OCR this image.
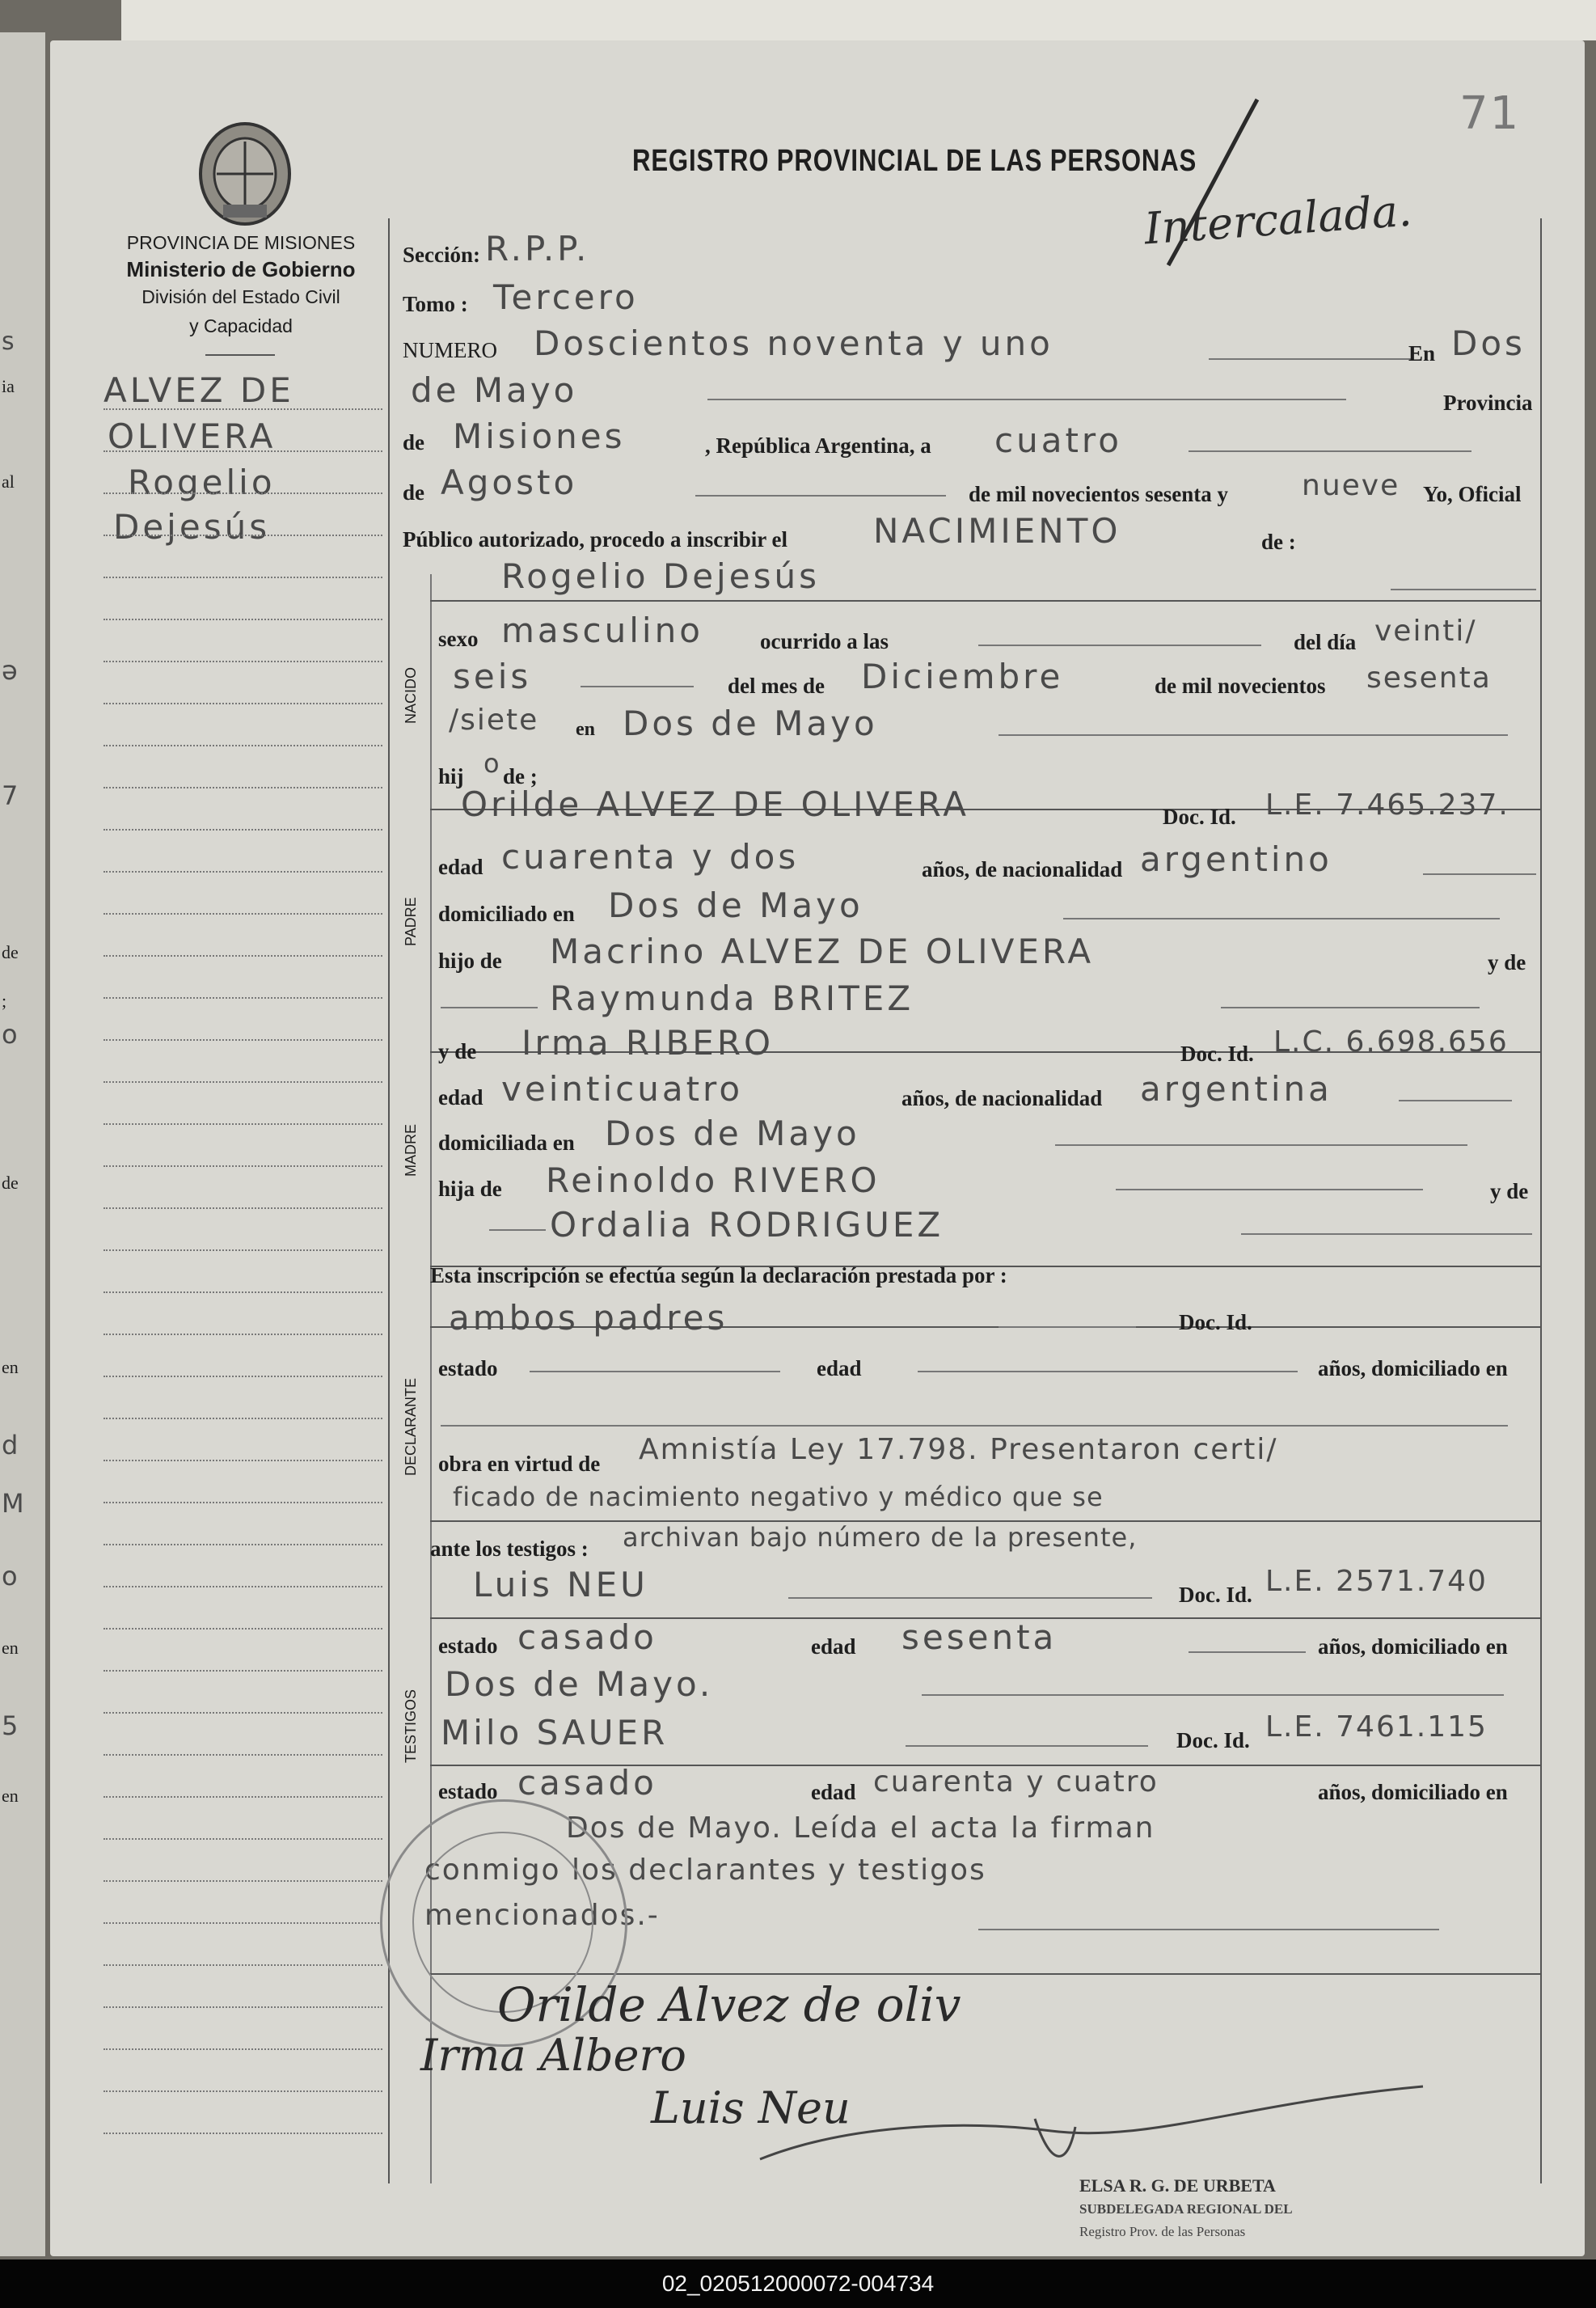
s
ia
al
ə
7
de
;
o
de
en
d
M
o
en
5
en
71
REGISTRO PROVINCIAL DE LAS PERSONAS
Intercalada.
PROVINCIA DE MISIONES
Ministerio de Gobierno
División del Estado Civil
y Capacidad
ALVEZ DE
OLIVERA
Rogelio
Dejesús
NACIDO
PADRE
MADRE
DECLARANTE
TESTIGOS
Sección: R.P.P.
Tomo : Tercero
NUMERO Doscientos noventa y uno	En Dos
de Mayo	Provincia
de Misiones	, República Argentina, a cuatro
de Agosto	de mil novecientos sesenta y	nueve Yo, Oficial
Público autorizado, procedo a inscribir el	NACIMIENTO	de :
Rogelio Dejesús
sexo masculino	ocurrido a las	del día veinti/
seis	del mes de Diciembre	de mil novecientos sesenta
/siete en Dos de Mayo
hij o de ;
Orilde ALVEZ DE OLIVERA	Doc. Id. L.E. 7.465.237.
edad cuarenta y dos	años, de nacionalidad argentino
domiciliado en Dos de Mayo
hijo de Macrino ALVEZ DE OLIVERA	y de
Raymunda BRITEZ
y de Irma RIBERO	Doc. Id. L.C. 6.698.656
edad veinticuatro	años, de nacionalidad argentina
domiciliada en Dos de Mayo
hija de Reinoldo RIVERO	y de
Ordalia RODRIGUEZ
Esta inscripción se efectúa según la declaración prestada por :
ambos padres	Doc. Id.
estado	edad	años, domiciliado en
obra en virtud de Amnistía Ley 17.798. Presentaron certi/
ficado de nacimiento negativo y médico que se
ante los testigos : archivan bajo número de la presente,
Luis NEU	Doc. Id. L.E. 2571.740
estado casado	edad sesenta	años, domiciliado en
Dos de Mayo.
Milo SAUER	Doc. Id. L.E. 7461.115
estado casado	edad cuarenta y cuatro	años, domiciliado en
Dos de Mayo. Leída el acta la firman
conmigo los declarantes y testigos
mencionados.-
Orilde Alvez de oliv
Irma Albero
Luis Neu
ELSA R. G. DE URBETA
SUBDELEGADA REGIONAL DEL
Registro Prov. de las Personas
02_020512000072-004734
